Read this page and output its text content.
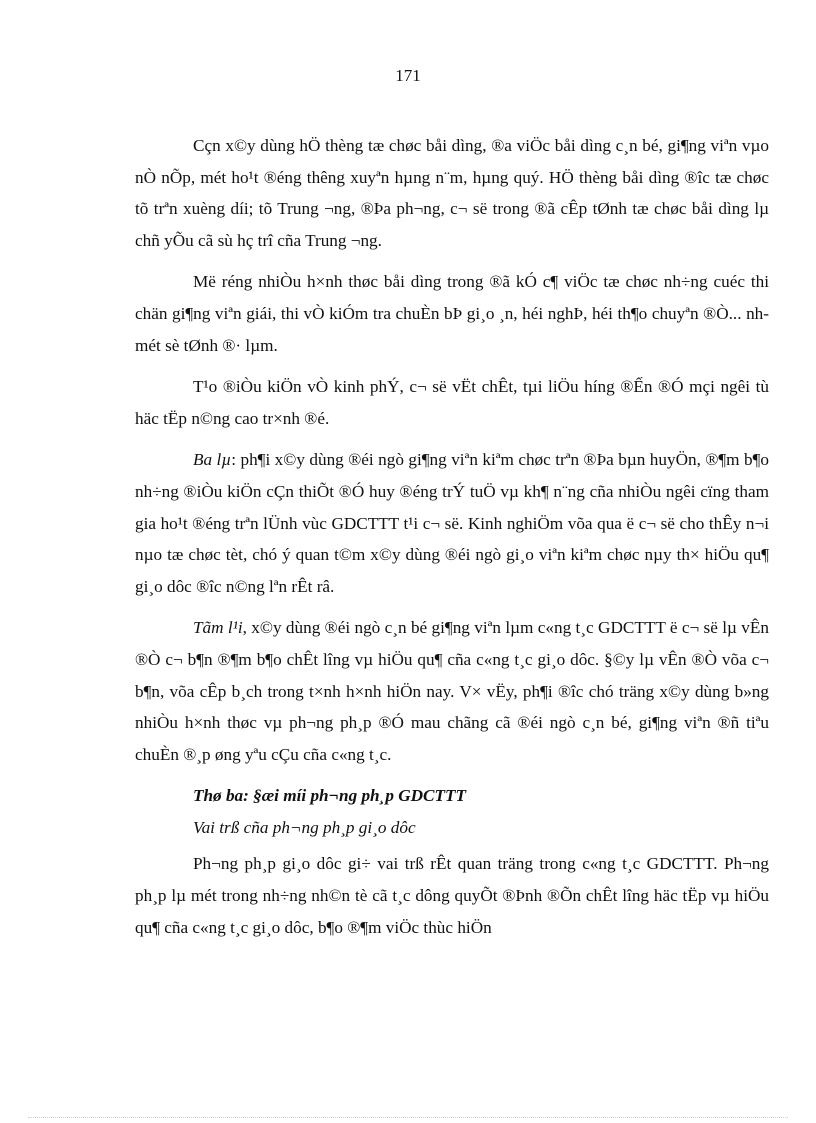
171

Cçn x©y dùng hÖ thèng tæ chøc båi dìng, ®a viÖc båi dìng c¸n bé, gi¶ng viªn vµo nÒ nÕp, mét ho¹t ®éng thêng xuyªn hµng n¨m, hµng quý. HÖ thèng båi dìng ®îc tæ chøc tõ trªn xuèng díi; tõ Trung ¬ng, ®Þa ph¬ng, c¬ së trong ®ã cÊp tØnh tæ chøc båi dìng lµ chñ yÕu cã sù hç trî cña Trung ¬ng.

Më réng nhiÒu h×nh thøc båi dìng trong ®ã kÓ c¶ viÖc tæ chøc nh÷ng cuéc thi chän gi¶ng viªn giái, thi vÒ kiÓm tra chuÈn bÞ gi¸o ¸n, héi nghÞ, héi th¶o chuyªn ®Ò... nh mét sè tØnh ®· lµm.

T¹o ®iÒu kiÖn vÒ kinh phÝ, c¬ së vËt chÊt, tµi liÖu híng ®Ến ®Ó mçi ngêi tù häc tËp n©ng cao tr×nh ®é.

Ba lµ: ph¶i x©y dùng ®éi ngò gi¶ng viªn kiªm chøc trªn ®Þa bµn huyÖn, ®¶m b¶o nh÷ng ®iÒu kiÖn cÇn thiÕt ®Ó huy ®éng trÝ tuÖ vµ kh¶ n¨ng cña nhiÒu ngêi cïng tham gia ho¹t ®éng trªn lÜnh vùc GDCTTT t¹i c¬ së. Kinh nghiÖm võa qua ë c¬ së cho thÊy n¬i nµo tæ chøc tèt, chó ý quan t©m x©y dùng ®éi ngò gi¸o viªn kiªm chøc nµy th× hiÖu qu¶ gi¸o dôc ®îc n©ng lªn rÊt râ.

Tãm l¹i, x©y dùng ®éi ngò c¸n bé gi¶ng viªn lµm c«ng t¸c GDCTTT ë c¬ së lµ vÊn ®Ò c¬ b¶n ®¶m b¶o chÊt lîng vµ hiÖu qu¶ cña c«ng t¸c gi¸o dôc. §©y lµ vÊn ®Ò võa c¬ b¶n, võa cÊp b¸ch trong t×nh h×nh hiÖn nay. V× vËy, ph¶i ®îc chó träng x©y dùng b»ng nhiÒu h×nh thøc vµ ph¬ng ph¸p ®Ó mau chãng cã ®éi ngò c¸n bé, gi¶ng viªn ®ñ tiªu chuÈn ®¸p øng yªu cÇu cña c«ng t¸c.

Thø ba: §æi míi ph¬ng ph¸p GDCTTT

Vai trß cña ph¬ng ph¸p gi¸o dôc

Ph¬ng ph¸p gi¸o dôc gi÷ vai trß rÊt quan träng trong c«ng t¸c GDCTTT. Ph¬ng ph¸p lµ mét trong nh÷ng nh©n tè cã t¸c dông quyÕt ®Þnh ®Õn chÊt lîng häc tËp vµ hiÖu qu¶ cña c«ng t¸c gi¸o dôc, b¶o ®¶m viÖc thùc hiÖn
